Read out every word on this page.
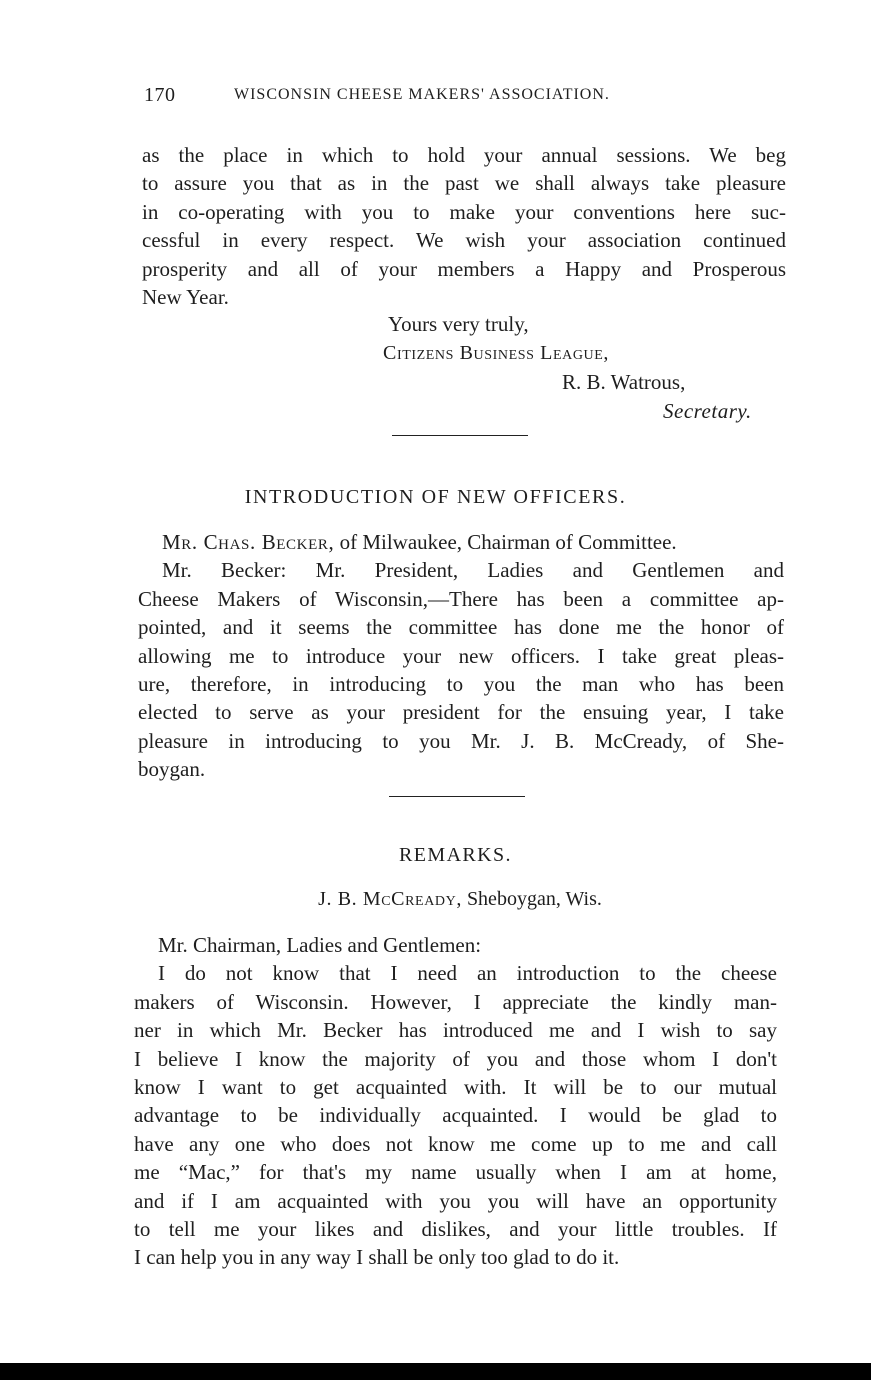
170	WISCONSIN CHEESE MAKERS' ASSOCIATION.
as the place in which to hold your annual sessions. We beg
to assure you that as in the past we shall always take pleasure
in co-operating with you to make your conventions here suc-
cessful in every respect. We wish your association continued
prosperity and all of your members a Happy and Prosperous
New Year.
Yours very truly,
Citizens Business League,
R. B. Watrous,
Secretary.
INTRODUCTION OF NEW OFFICERS.
Mr. Chas. Becker, of Milwaukee, Chairman of Committee.
Mr. Becker: Mr. President, Ladies and Gentlemen and
Cheese Makers of Wisconsin,—There has been a committee ap-
pointed, and it seems the committee has done me the honor of
allowing me to introduce your new officers. I take great pleas-
ure, therefore, in introducing to you the man who has been
elected to serve as your president for the ensuing year, I take
pleasure in introducing to you Mr. J. B. McCready, of She-
boygan.
REMARKS.
J. B. McCready, Sheboygan, Wis.
Mr. Chairman, Ladies and Gentlemen:
I do not know that I need an introduction to the cheese
makers of Wisconsin. However, I appreciate the kindly man-
ner in which Mr. Becker has introduced me and I wish to say
I believe I know the majority of you and those whom I don't
know I want to get acquainted with. It will be to our mutual
advantage to be individually acquainted. I would be glad to
have any one who does not know me come up to me and call
me “Mac,” for that's my name usually when I am at home,
and if I am acquainted with you you will have an opportunity
to tell me your likes and dislikes, and your little troubles. If
I can help you in any way I shall be only too glad to do it.
